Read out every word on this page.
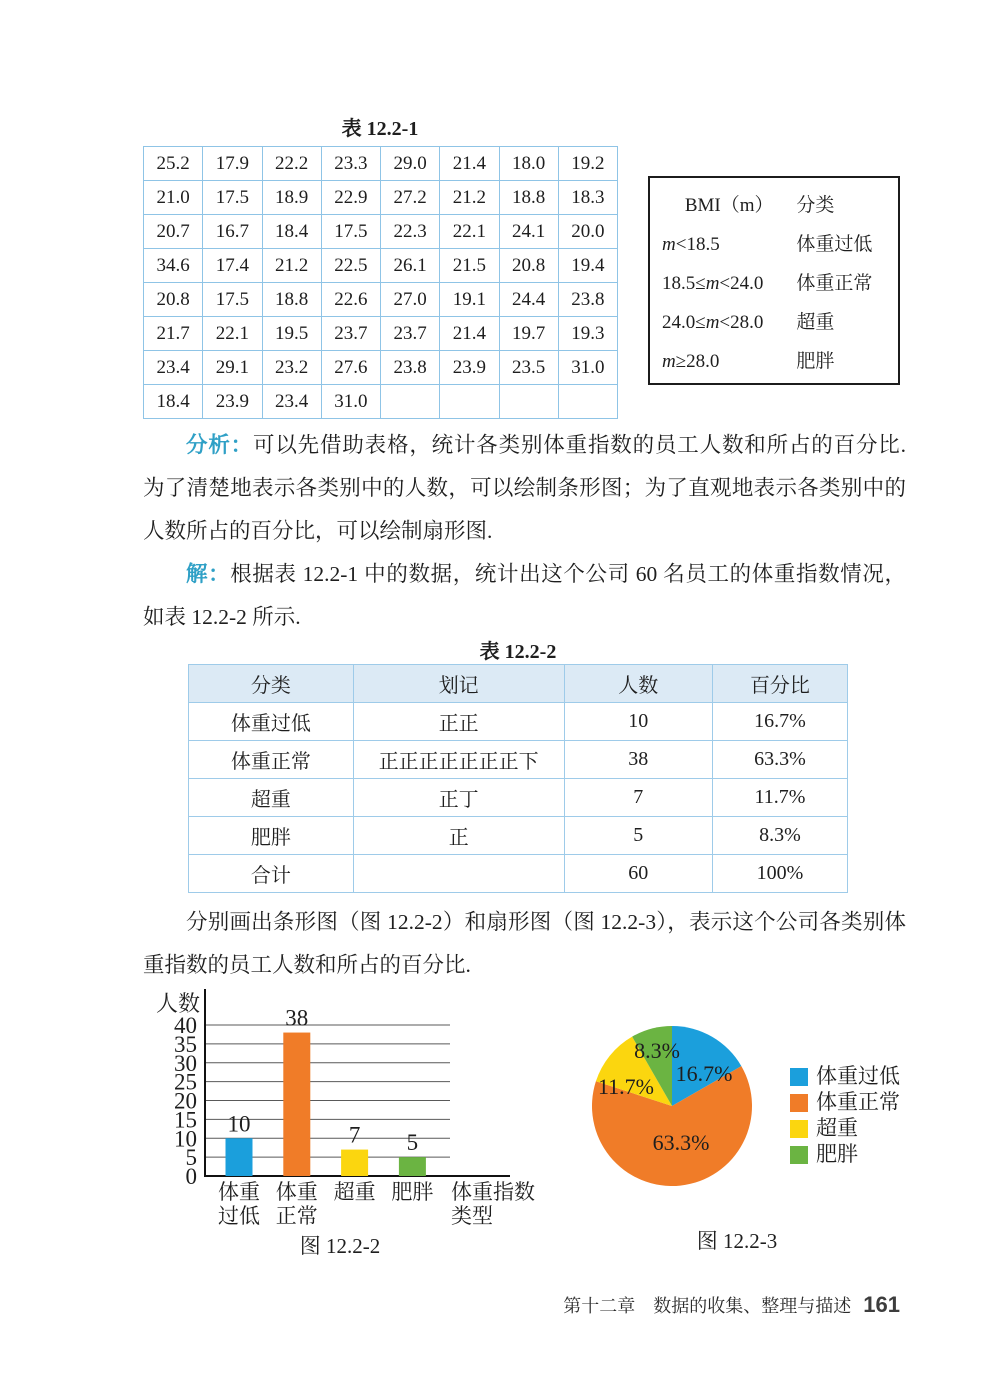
表 12.2-1
25.2	17.9	22.2	23.3	29.0	21.4	18.0	19.2
21.0	17.5	18.9	22.9	27.2	21.2	18.8	18.3
20.7	16.7	18.4	17.5	22.3	22.1	24.1	20.0
34.6	17.4	21.2	22.5	26.1	21.5	20.8	19.4
20.8	17.5	18.8	22.6	27.0	19.1	24.4	23.8
21.7	22.1	19.5	23.7	23.7	21.4	19.7	19.3
23.4	29.1	23.2	27.6	23.8	23.9	23.5	31.0
18.4	23.9	23.4	31.0				
BMI（m）	分类
m<18.5	体重过低
18.5≤m<24.0	体重正常
24.0≤m<28.0	超重
m≥28.0	肥胖

分析：可以先借助表格，统计各类别体重指数的员工人数和所占的百分比. 为了清楚地表示各类别中的人数，可以绘制条形图；为了直观地表示各类别中的人数所占的百分比，可以绘制扇形图.

解：根据表 12.2-1 中的数据，统计出这个公司 60 名员工的体重指数情况，如表 12.2-2 所示.

表 12.2-2
分类	划记	人数	百分比
体重过低	正正	10	16.7%
体重正常	正正正正正正正下	38	63.3%
超重	正丁	7	11.7%
肥胖	正	5	8.3%
合计		60	100%

分别画出条形图（图 12.2-2）和扇形图（图 12.2-3），表示这个公司各类别体重指数的员工人数和所占的百分比.

0
5
10
15
20
25
30
35
40
人数
10
体重
过低
38
体重
正常
7
超重
5
肥胖 体重指数
类型
图 12.2-2
16.7%
63.3%
11.7%
8.3%
体重过低
体重正常
超重
肥胖
图 12.2-3
第十二章　数据的收集、整理与描述 161
